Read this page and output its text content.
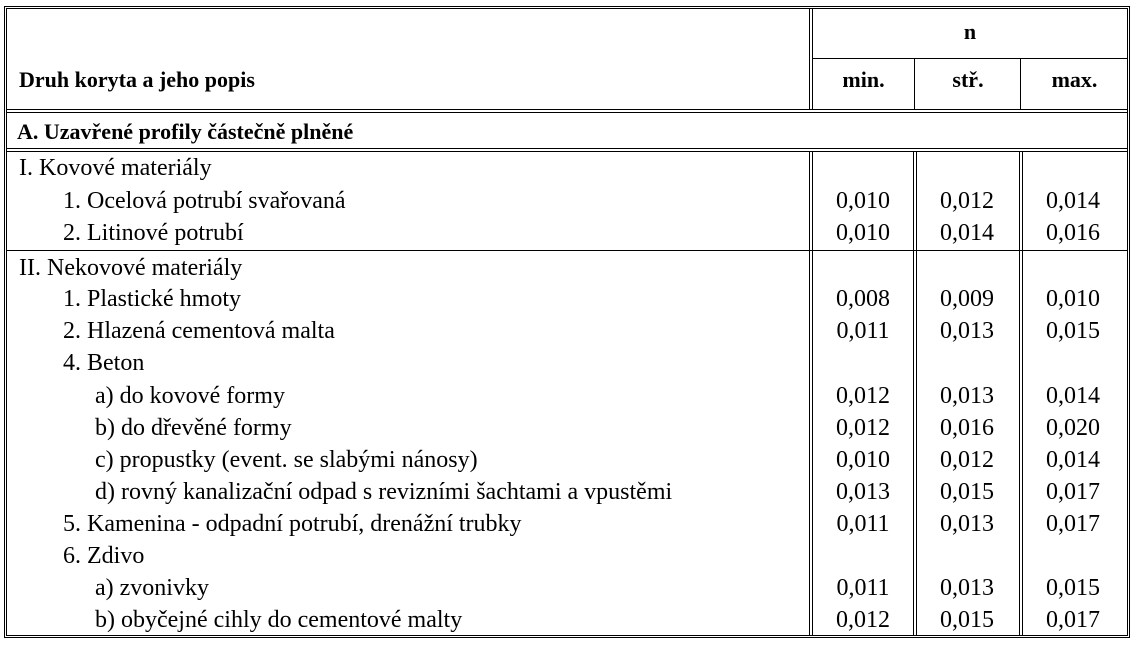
n
Druh koryta a jeho popis	min.	stř.	max.
A. Uzavřené profily částečně plněné
I. Kovové materiály
1. Ocelová potrubí svařovaná	0,010	0,012	0,014
2. Litinové potrubí	0,010	0,014	0,016
II. Nekovové materiály
1. Plastické hmoty	0,008	0,009	0,010
2. Hlazená cementová malta	0,011	0,013	0,015
4. Beton
a) do kovové formy	0,012	0,013	0,014
b) do dřevěné formy	0,012	0,016	0,020
c) propustky (event. se slabými nánosy)	0,010	0,012	0,014
d) rovný kanalizační odpad s revizními šachtami a vpustěmi	0,013	0,015	0,017
5. Kamenina - odpadní potrubí, drenážní trubky	0,011	0,013	0,017
6. Zdivo
a) zvonivky	0,011	0,013	0,015
b) obyčejné cihly do cementové malty	0,012	0,015	0,017
